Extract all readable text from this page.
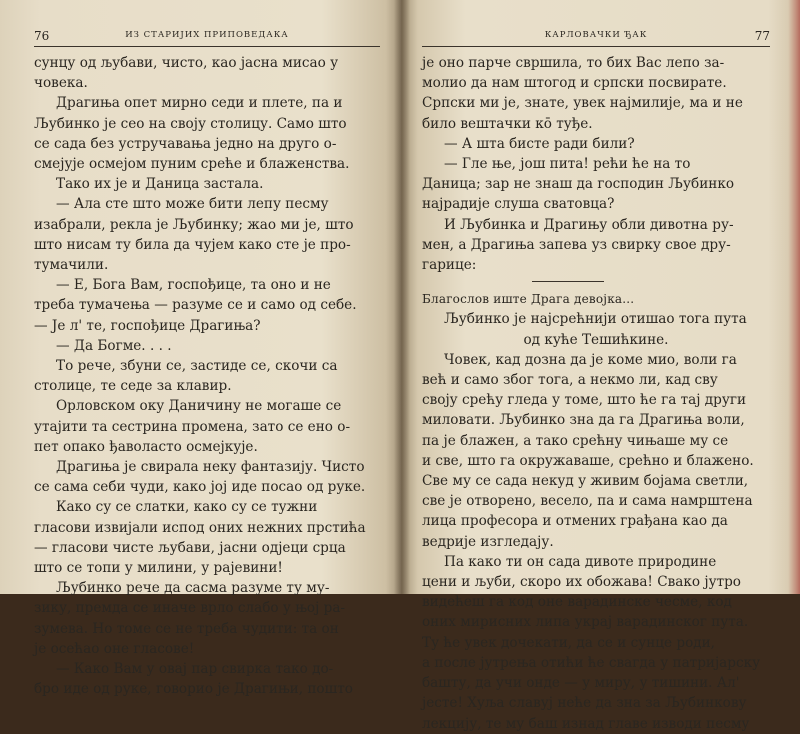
76	ИЗ СТАРИЈИХ ПРИПОВЕДАКА

сунцу од љубави, чисто, као јасна мисао у

човека.

Драгиња опет мирно седи и плете, па и

Љубинко је сео на своју столицу. Само што

се сада без устручавања једно на друго о-

смејује осмејом пуним среће и блаженства.

Тако их је и Даница застала.

— Ала сте што може бити лепу песму

изабрали, рекла је Љубинку; жао ми је, што

што нисам ту била да чујем како сте је про-

тумачили.

— Е, Бога Вам, госпођице, та оно и не

треба тумачења — разуме се и само од себе.

— Је л' те, госпођице Драгиња?

— Да Богме. . . .

То рече, збуни се, застиде се, скочи са

столице, те седе за клавир.

Орловском оку Даничину не могаше се

утајити та сестрина промена, зато се ено о-

пет опако ђаволасто осмејкује.

Драгиња је свирала неку фантазију. Чисто

се сама себи чуди, како јој иде посао од руке.

Како су се слатки, како су се тужни

гласови извијали испод оних нежних прстића

— гласови чисте љубави, јасни одјеци срца

што се топи у милини, у рајевини!

Љубинко рече да сасма разуме ту му-

зику, премда се иначе врло слабо у њој ра-

зумева. Но томе се не треба чудити: та он

је осећао оне гласове!

— Како Вам у овај пар свирка тако до-

бро иде од руке, говорио је Драгињи, пошто

КАРЛОВАЧКИ ЂАК	77

је оно парче свршила, то бих Вас лепо за-

молио да нам штогод и српски посвирате.

Српски ми је, знате, увек најмилије, ма и не

било вештачки кō туђе.

— А шта бисте ради били?

— Гле ње, још пита! рећи ће на то

Даница; зар не знаш да господин Љубинко

најрадије слуша сватовца?

И Љубинка и Драгињу обли дивотна ру-

мен, а Драгиња запева уз свирку свое дру-

гарице:

Благослов иште Драга девојка...

Љубинко је најсрећнији отишао тога пута

од куће Тешићкине.

Човек, кад дозна да је коме мио, воли га

већ и само због тога, а некмо ли, кад сву

своју срећу гледа у томе, што ће га тај други

миловати. Љубинко зна да га Драгиња воли,

па је блажен, а тако срећну чињаше му се

и све, што га окружаваше, срећно и блажено.

Све му се сада некуд у живим бојама светли,

све је отворено, весело, па и сама намрштена

лица професора и отмених грађана као да

ведрије изгледају.

Па како ти он сада дивоте природине

цени и љуби, скоро их обожава! Свако јутро

видећеш га код оне варадинске чесме, код

оних мирисних липа украј варадинског пута.

Ту ће увек дочекати, да се и сунце роди,

а после јутрења отићи ће свагда у патријарску

башту, да учи онде — у миру, у тишини. Ал'

јесте! Хуља славуј неће да зна за Љубинкову

лекцију, те му баш изнад главе изводи песму
